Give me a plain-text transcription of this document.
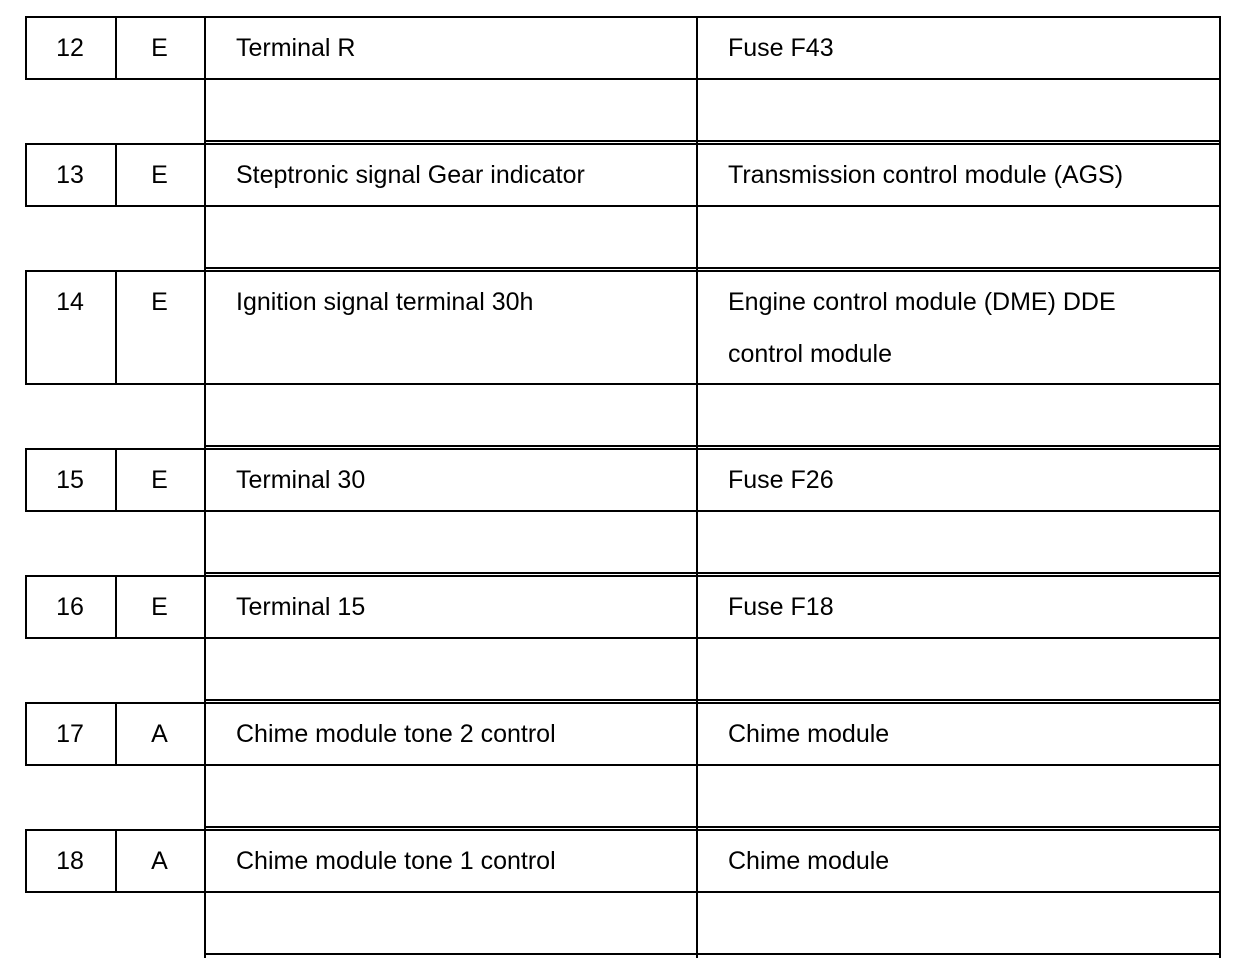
12	E	Terminal R	Fuse F43
13	E	Steptronic signal Gear indicator	Transmission control module (AGS)
14	E	Ignition signal terminal 30h	Engine control module (DME) DDE
control module
15	E	Terminal 30	Fuse F26
16	E	Terminal 15	Fuse F18
17	A	Chime module tone 2 control	Chime module
18	A	Chime module tone 1 control	Chime module
